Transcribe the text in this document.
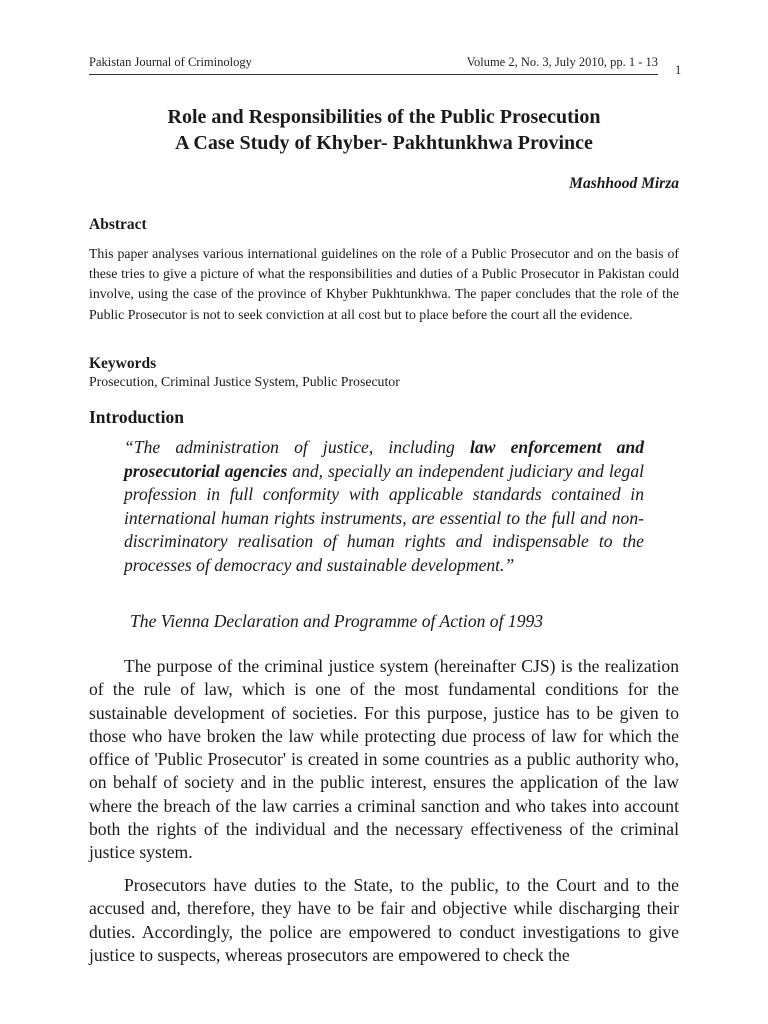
Pakistan Journal of Criminology	Volume 2, No. 3, July 2010, pp. 1 - 13
1
Role and Responsibilities of the Public Prosecution
A Case Study of Khyber- Pakhtunkhwa Province
Mashhood Mirza
Abstract
This paper analyses various international guidelines on the role of a Public Prosecutor and on the basis of these tries to give a picture of what the responsibilities and duties of a Public Prosecutor in Pakistan could involve, using the case of the province of Khyber Pukhtunkhwa. The paper concludes that the role of the Public Prosecutor is not to seek conviction at all cost but to place before the court all the evidence.
Keywords
Prosecution, Criminal Justice System, Public Prosecutor
Introduction
“The administration of justice, including law enforcement and prosecutorial agencies and, specially an independent judiciary and legal profession in full conformity with applicable standards contained in international human rights instruments, are essential to the full and non-discriminatory realisation of human rights and indispensable to the processes of democracy and sustainable development.”
The Vienna Declaration and Programme of Action of 1993
The purpose of the criminal justice system (hereinafter CJS) is the realization of the rule of law, which is one of the most fundamental conditions for the sustainable development of societies. For this purpose, justice has to be given to those who have broken the law while protecting due process of law for which the office of 'Public Prosecutor' is created in some countries as a public authority who, on behalf of society and in the public interest, ensures the application of the law where the breach of the law carries a criminal sanction and who takes into account both the rights of the individual and the necessary effectiveness of the criminal justice system.
Prosecutors have duties to the State, to the public, to the Court and to the accused and, therefore, they have to be fair and objective while discharging their duties. Accordingly, the police are empowered to conduct investigations to give justice to suspects, whereas prosecutors are empowered to check the
